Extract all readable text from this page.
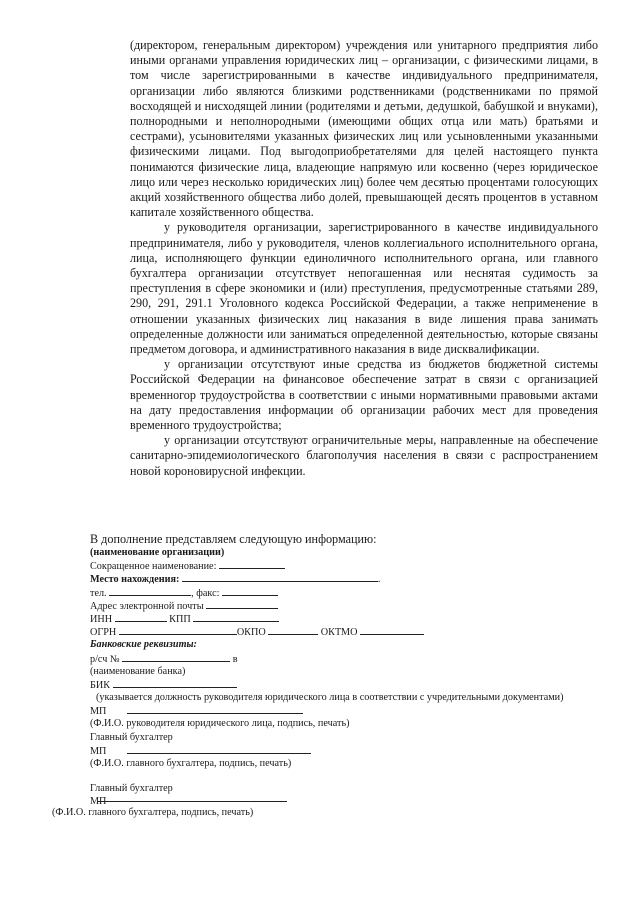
(директором, генеральным директором) учреждения или унитарного предприятия либо иными органами управления юридических лиц – организации, с физическими лицами, в том числе зарегистрированными в качестве индивидуального предпринимателя, организации либо являются близкими родственниками (родственниками по прямой восходящей и нисходящей линии (родителями и детьми, дедушкой, бабушкой и внуками), полнородными и неполнородными (имеющими общих отца или мать) братьями и сестрами), усыновителями указанных физических лиц или усыновленными указанными физическими лицами. Под выгодоприобретателями для целей настоящего пункта понимаются физические лица, владеющие напрямую или косвенно (через юридическое лицо или через несколько юридических лиц) более чем десятью процентами голосующих акций хозяйственного общества либо долей, превышающей десять процентов в уставном капитале хозяйственного общества.

у руководителя организации, зарегистрированного в качестве индивидуального предпринимателя, либо у руководителя, членов коллегиального исполнительного органа, лица, исполняющего функции единоличного исполнительного органа, или главного бухгалтера организации отсутствует непогашенная или неснятая судимость за преступления в сфере экономики и (или) преступления, предусмотренные статьями 289, 290, 291, 291.1 Уголовного кодекса Российской Федерации, а также неприменение в отношении указанных физических лиц наказания в виде лишения права занимать определенные должности или заниматься определенной деятельностью, которые связаны предметом договора, и административного наказания в виде дисквалификации.

у организации отсутствуют иные средства из бюджетов бюджетной системы Российской Федерации на финансовое обеспечение затрат в связи с организацией временногор трудоустройства в соответствии с иными нормативными правовыми актами на дату предоставления информации об организации рабочих мест для проведения временного трудоустройства;

у организации отсутствуют ограничительные меры, направленные на обеспечение санитарно-эпидемиологического благополучия населения в связи с распространением новой короновирусной инфекции.

В дополнение представляем следующую информацию:
(наименование организации)
Сокращенное наименование:
Место нахождения:	.
тел.	, факс:
Адрес электронной почты
ИНН	КПП
ОГРН	ОКПО	ОКТМО
Банковские реквизиты:
р/сч №	в
(наименование банка)
БИК
(указывается должность руководителя юридического лица в соответствии с учредительными документами)
МП
(Ф.И.О. руководителя юридического лица, подпись, печать)
Главный бухгалтер
МП
(Ф.И.О. главного бухгалтера, подпись, печать)
Главный бухгалтер
МП
(Ф.И.О. главного бухгалтера, подпись, печать)
